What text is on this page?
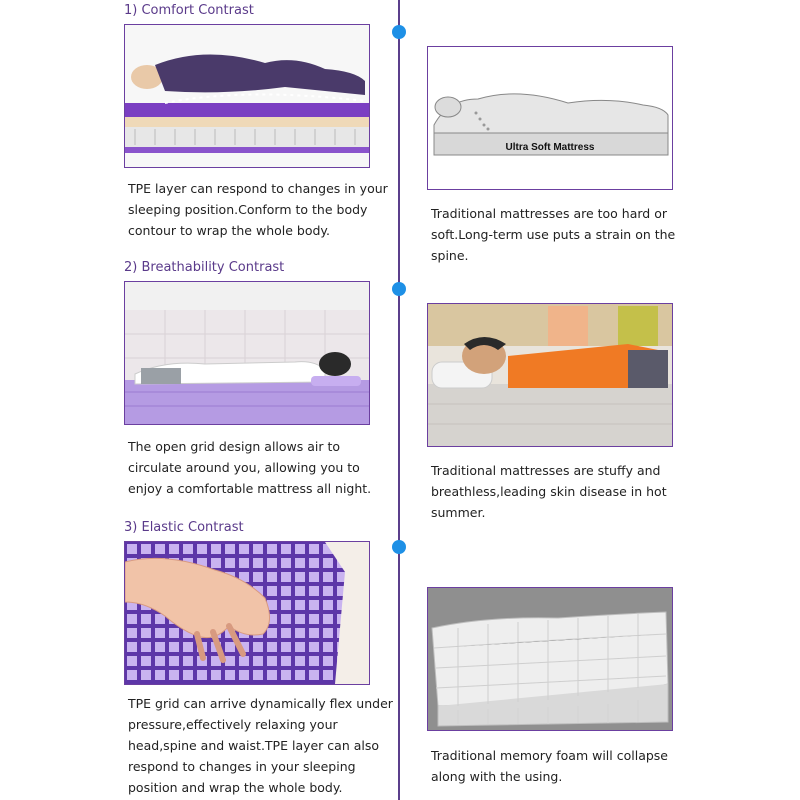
1) Comfort Contrast
TPE layer can respond to changes in your
sleeping position.Conform to the body
contour to wrap the whole body.
Ultra Soft Mattress
Traditional mattresses are too hard or
soft.Long-term use puts a strain on the
spine.
2) Breathability Contrast
The open grid design allows air to
circulate around you, allowing you to
enjoy a comfortable mattress all night.
Traditional mattresses are stuffy and
breathless,leading skin disease in hot
summer.
3) Elastic Contrast
TPE grid can arrive dynamically flex under
pressure,effectively relaxing your
head,spine and waist.TPE layer can also
respond to changes in your sleeping
position and wrap the whole body.
Traditional memory foam will collapse
along with the using.
